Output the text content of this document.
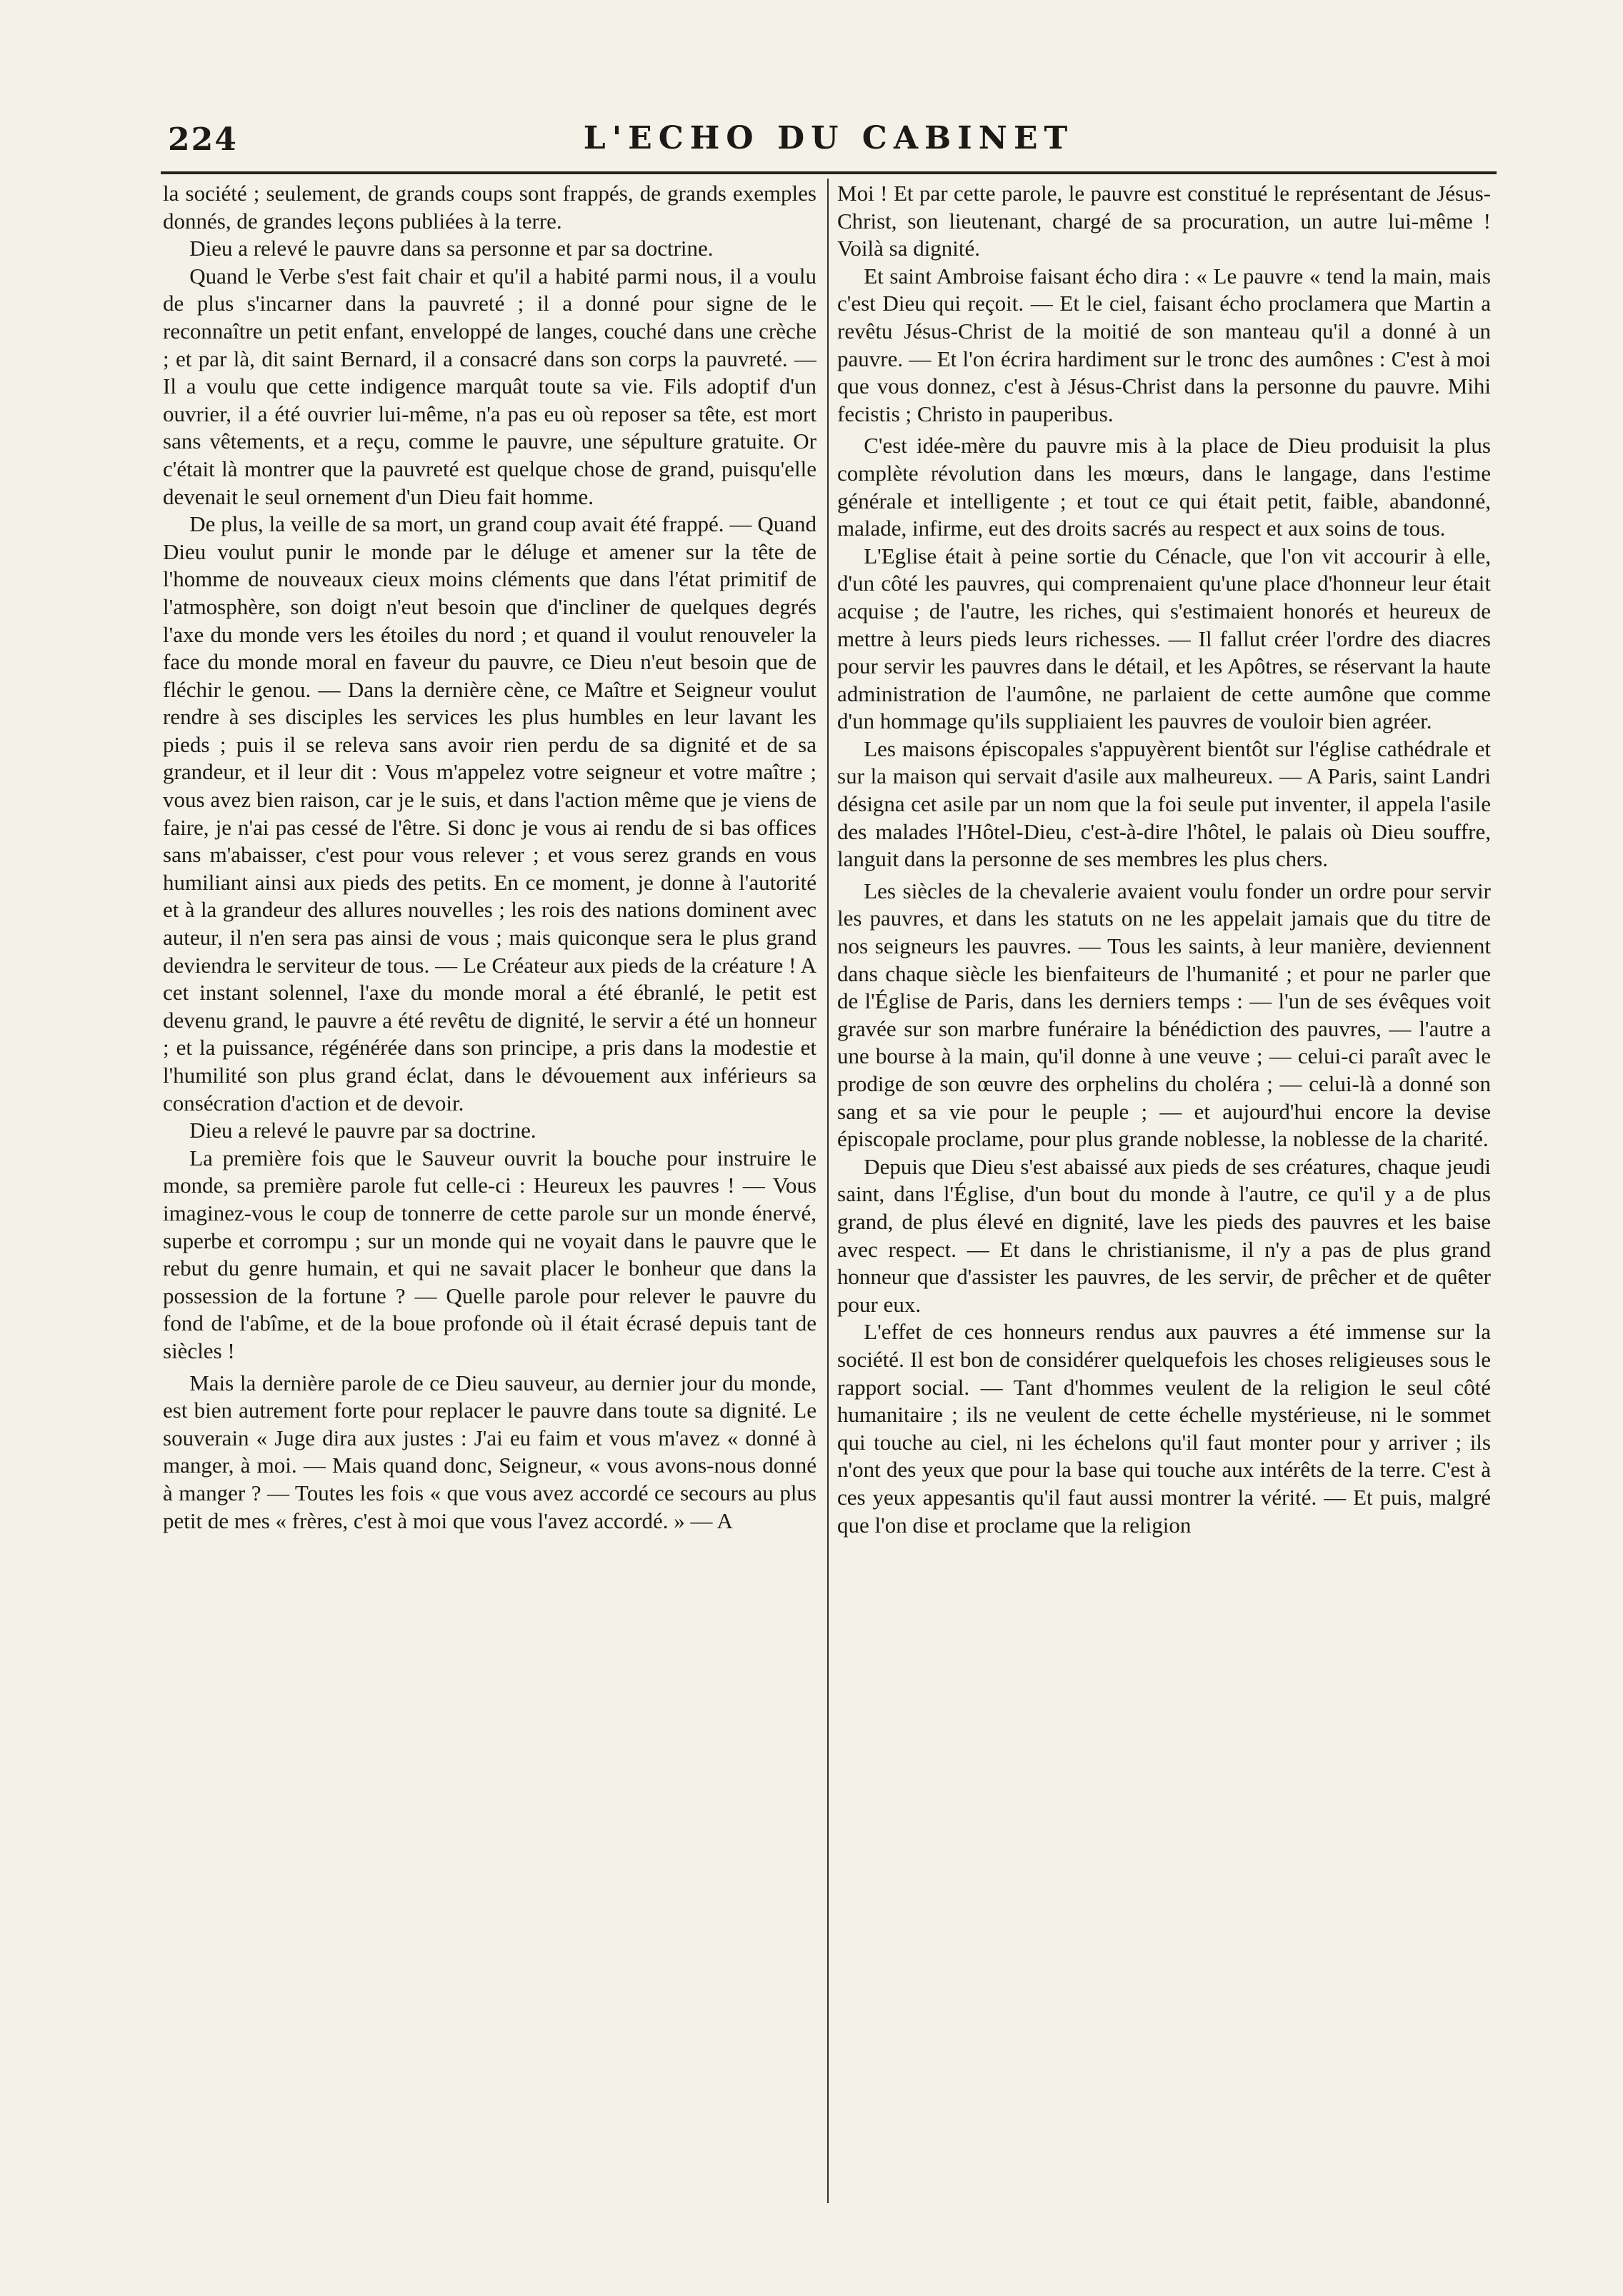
224	L'ECHO DU CABINET

la société ; seulement, de grands coups sont frappés, de grands exemples donnés, de grandes leçons publiées à la terre.

Dieu a relevé le pauvre dans sa personne et par sa doctrine.

Quand le Verbe s'est fait chair et qu'il a habité parmi nous, il a voulu de plus s'incarner dans la pauvreté ; il a donné pour signe de le reconnaître un petit enfant, enveloppé de langes, couché dans une crèche ; et par là, dit saint Bernard, il a consacré dans son corps la pauvreté. — Il a voulu que cette indigence marquât toute sa vie. Fils adoptif d'un ouvrier, il a été ouvrier lui-même, n'a pas eu où reposer sa tête, est mort sans vêtements, et a reçu, comme le pauvre, une sépulture gratuite. Or c'était là montrer que la pauvreté est quelque chose de grand, puisqu'elle devenait le seul ornement d'un Dieu fait homme.

De plus, la veille de sa mort, un grand coup avait été frappé. — Quand Dieu voulut punir le monde par le déluge et amener sur la tête de l'homme de nouveaux cieux moins cléments que dans l'état primitif de l'atmosphère, son doigt n'eut besoin que d'incliner de quelques degrés l'axe du monde vers les étoiles du nord ; et quand il voulut renouveler la face du monde moral en faveur du pauvre, ce Dieu n'eut besoin que de fléchir le genou. — Dans la dernière cène, ce Maître et Seigneur voulut rendre à ses disciples les services les plus humbles en leur lavant les pieds ; puis il se releva sans avoir rien perdu de sa dignité et de sa grandeur, et il leur dit : Vous m'appelez votre seigneur et votre maître ; vous avez bien raison, car je le suis, et dans l'action même que je viens de faire, je n'ai pas cessé de l'être. Si donc je vous ai rendu de si bas offices sans m'abaisser, c'est pour vous relever ; et vous serez grands en vous humiliant ainsi aux pieds des petits. En ce moment, je donne à l'autorité et à la grandeur des allures nouvelles ; les rois des nations dominent avec auteur, il n'en sera pas ainsi de vous ; mais quiconque sera le plus grand deviendra le serviteur de tous. — Le Créateur aux pieds de la créature ! A cet instant solennel, l'axe du monde moral a été ébranlé, le petit est devenu grand, le pauvre a été revêtu de dignité, le servir a été un honneur ; et la puissance, régénérée dans son principe, a pris dans la modestie et l'humilité son plus grand éclat, dans le dévouement aux inférieurs sa consécration d'action et de devoir.

Dieu a relevé le pauvre par sa doctrine.

La première fois que le Sauveur ouvrit la bouche pour instruire le monde, sa première parole fut celle-ci : Heureux les pauvres ! — Vous imaginez-vous le coup de tonnerre de cette parole sur un monde énervé, superbe et corrompu ; sur un monde qui ne voyait dans le pauvre que le rebut du genre humain, et qui ne savait placer le bonheur que dans la possession de la fortune ? — Quelle parole pour relever le pauvre du fond de l'abîme, et de la boue profonde où il était écrasé depuis tant de siècles !

Mais la dernière parole de ce Dieu sauveur, au dernier jour du monde, est bien autrement forte pour replacer le pauvre dans toute sa dignité. Le souverain « Juge dira aux justes : J'ai eu faim et vous m'avez « donné à manger, à moi. — Mais quand donc, Seigneur, « vous avons-nous donné à manger ? — Toutes les fois « que vous avez accordé ce secours au plus petit de mes « frères, c'est à moi que vous l'avez accordé. » — A

Moi ! Et par cette parole, le pauvre est constitué le représentant de Jésus-Christ, son lieutenant, chargé de sa procuration, un autre lui-même ! Voilà sa dignité.

Et saint Ambroise faisant écho dira : « Le pauvre « tend la main, mais c'est Dieu qui reçoit. — Et le ciel, faisant écho proclamera que Martin a revêtu Jésus-Christ de la moitié de son manteau qu'il a donné à un pauvre. — Et l'on écrira hardiment sur le tronc des aumônes : C'est à moi que vous donnez, c'est à Jésus-Christ dans la personne du pauvre. Mihi fecistis ; Christo in pauperibus.

C'est idée-mère du pauvre mis à la place de Dieu produisit la plus complète révolution dans les mœurs, dans le langage, dans l'estime générale et intelligente ; et tout ce qui était petit, faible, abandonné, malade, infirme, eut des droits sacrés au respect et aux soins de tous.

L'Eglise était à peine sortie du Cénacle, que l'on vit accourir à elle, d'un côté les pauvres, qui comprenaient qu'une place d'honneur leur était acquise ; de l'autre, les riches, qui s'estimaient honorés et heureux de mettre à leurs pieds leurs richesses. — Il fallut créer l'ordre des diacres pour servir les pauvres dans le détail, et les Apôtres, se réservant la haute administration de l'aumône, ne parlaient de cette aumône que comme d'un hommage qu'ils suppliaient les pauvres de vouloir bien agréer.

Les maisons épiscopales s'appuyèrent bientôt sur l'église cathédrale et sur la maison qui servait d'asile aux malheureux. — A Paris, saint Landri désigna cet asile par un nom que la foi seule put inventer, il appela l'asile des malades l'Hôtel-Dieu, c'est-à-dire l'hôtel, le palais où Dieu souffre, languit dans la personne de ses membres les plus chers.

Les siècles de la chevalerie avaient voulu fonder un ordre pour servir les pauvres, et dans les statuts on ne les appelait jamais que du titre de nos seigneurs les pauvres. — Tous les saints, à leur manière, deviennent dans chaque siècle les bienfaiteurs de l'humanité ; et pour ne parler que de l'Église de Paris, dans les derniers temps : — l'un de ses évêques voit gravée sur son marbre funéraire la bénédiction des pauvres, — l'autre a une bourse à la main, qu'il donne à une veuve ; — celui-ci paraît avec le prodige de son œuvre des orphelins du choléra ; — celui-là a donné son sang et sa vie pour le peuple ; — et aujourd'hui encore la devise épiscopale proclame, pour plus grande noblesse, la noblesse de la charité.

Depuis que Dieu s'est abaissé aux pieds de ses créatures, chaque jeudi saint, dans l'Église, d'un bout du monde à l'autre, ce qu'il y a de plus grand, de plus élevé en dignité, lave les pieds des pauvres et les baise avec respect. — Et dans le christianisme, il n'y a pas de plus grand honneur que d'assister les pauvres, de les servir, de prêcher et de quêter pour eux.

L'effet de ces honneurs rendus aux pauvres a été immense sur la société. Il est bon de considérer quelquefois les choses religieuses sous le rapport social. — Tant d'hommes veulent de la religion le seul côté humanitaire ; ils ne veulent de cette échelle mystérieuse, ni le sommet qui touche au ciel, ni les échelons qu'il faut monter pour y arriver ; ils n'ont des yeux que pour la base qui touche aux intérêts de la terre. C'est à ces yeux appesantis qu'il faut aussi montrer la vérité. — Et puis, malgré que l'on dise et proclame que la religion
